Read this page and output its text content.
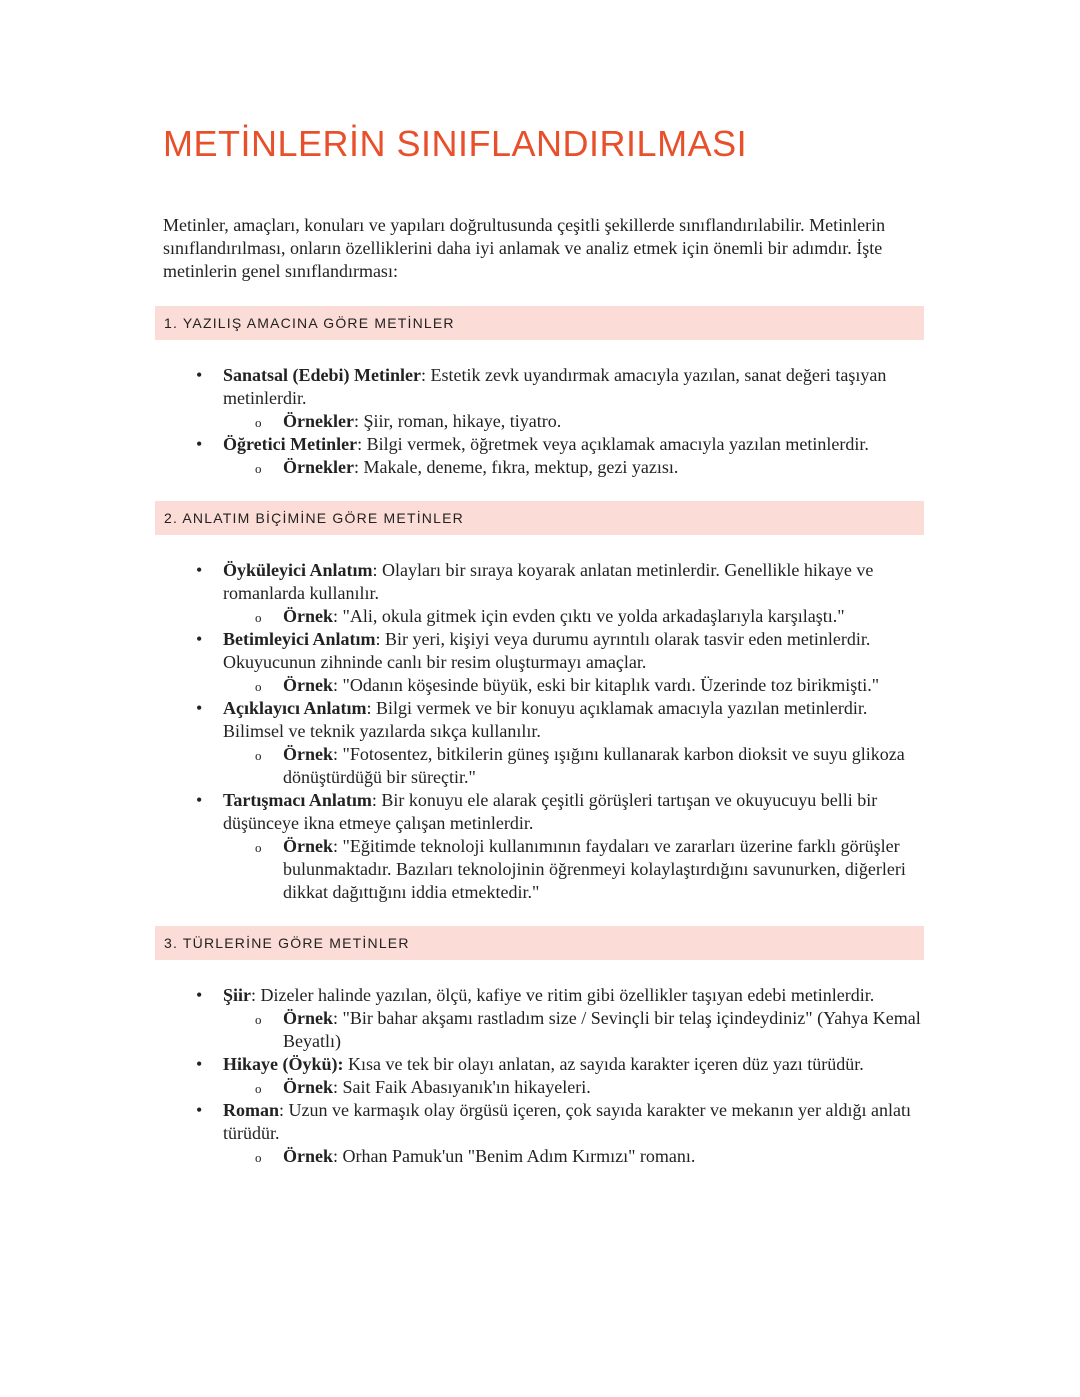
METİNLERİN SINIFLANDIRILMASI

Metinler, amaçları, konuları ve yapıları doğrultusunda çeşitli şekillerde sınıflandırılabilir. Metinlerin sınıflandırılması, onların özelliklerini daha iyi anlamak ve analiz etmek için önemli bir adımdır. İşte metinlerin genel sınıflandırması:

1. YAZILIŞ AMACINA GÖRE METİNLER
• Sanatsal (Edebi) Metinler: Estetik zevk uyandırmak amacıyla yazılan, sanat değeri taşıyan metinlerdir.
o Örnekler: Şiir, roman, hikaye, tiyatro.
• Öğretici Metinler: Bilgi vermek, öğretmek veya açıklamak amacıyla yazılan metinlerdir.
o Örnekler: Makale, deneme, fıkra, mektup, gezi yazısı.
2. ANLATIM BİÇİMİNE GÖRE METİNLER
• Öyküleyici Anlatım: Olayları bir sıraya koyarak anlatan metinlerdir. Genellikle hikaye ve romanlarda kullanılır.
o Örnek: "Ali, okula gitmek için evden çıktı ve yolda arkadaşlarıyla karşılaştı."
• Betimleyici Anlatım: Bir yeri, kişiyi veya durumu ayrıntılı olarak tasvir eden metinlerdir. Okuyucunun zihninde canlı bir resim oluşturmayı amaçlar.
o Örnek: "Odanın köşesinde büyük, eski bir kitaplık vardı. Üzerinde toz birikmişti."
• Açıklayıcı Anlatım: Bilgi vermek ve bir konuyu açıklamak amacıyla yazılan metinlerdir. Bilimsel ve teknik yazılarda sıkça kullanılır.
o Örnek: "Fotosentez, bitkilerin güneş ışığını kullanarak karbon dioksit ve suyu glikoza dönüştürdüğü bir süreçtir."
• Tartışmacı Anlatım: Bir konuyu ele alarak çeşitli görüşleri tartışan ve okuyucuyu belli bir düşünceye ikna etmeye çalışan metinlerdir.
o Örnek: "Eğitimde teknoloji kullanımının faydaları ve zararları üzerine farklı görüşler bulunmaktadır. Bazıları teknolojinin öğrenmeyi kolaylaştırdığını savunurken, diğerleri dikkat dağıttığını iddia etmektedir."
3. TÜRLERİNE GÖRE METİNLER
• Şiir: Dizeler halinde yazılan, ölçü, kafiye ve ritim gibi özellikler taşıyan edebi metinlerdir.
o Örnek: "Bir bahar akşamı rastladım size / Sevinçli bir telaş içindeydiniz" (Yahya Kemal Beyatlı)
• Hikaye (Öykü): Kısa ve tek bir olayı anlatan, az sayıda karakter içeren düz yazı türüdür.
o Örnek: Sait Faik Abasıyanık'ın hikayeleri.
• Roman: Uzun ve karmaşık olay örgüsü içeren, çok sayıda karakter ve mekanın yer aldığı anlatı türüdür.
o Örnek: Orhan Pamuk'un "Benim Adım Kırmızı" romanı.
